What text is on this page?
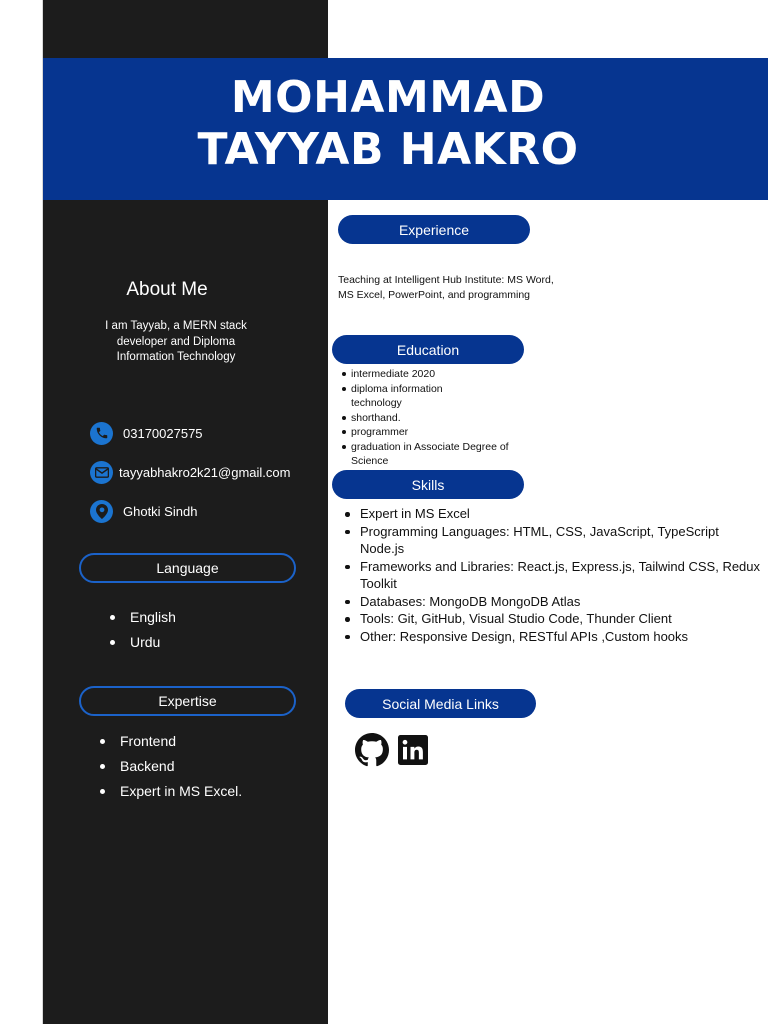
MOHAMMAD
TAYYAB HAKRO
About Me
I am Tayyab, a MERN stack developer and Diploma Information Technology
03170027575
tayyabhakro2k21@gmail.com
Ghotki Sindh
Language
English
Urdu
Expertise
Frontend
Backend
Expert in MS Excel.
Experience
Teaching at Intelligent Hub Institute: MS Word, MS Excel, PowerPoint, and programming
Education
intermediate 2020
diploma information technology
shorthand.
programmer
graduation in Associate Degree of Science
Skills
Expert in MS Excel
Programming Languages: HTML, CSS, JavaScript, TypeScript Node.js
Frameworks and Libraries: React.js, Express.js, Tailwind CSS, Redux Toolkit
Databases: MongoDB MongoDB Atlas
Tools: Git, GitHub, Visual Studio Code, Thunder Client
Other: Responsive Design, RESTful APIs ,Custom hooks
Social Media Links
